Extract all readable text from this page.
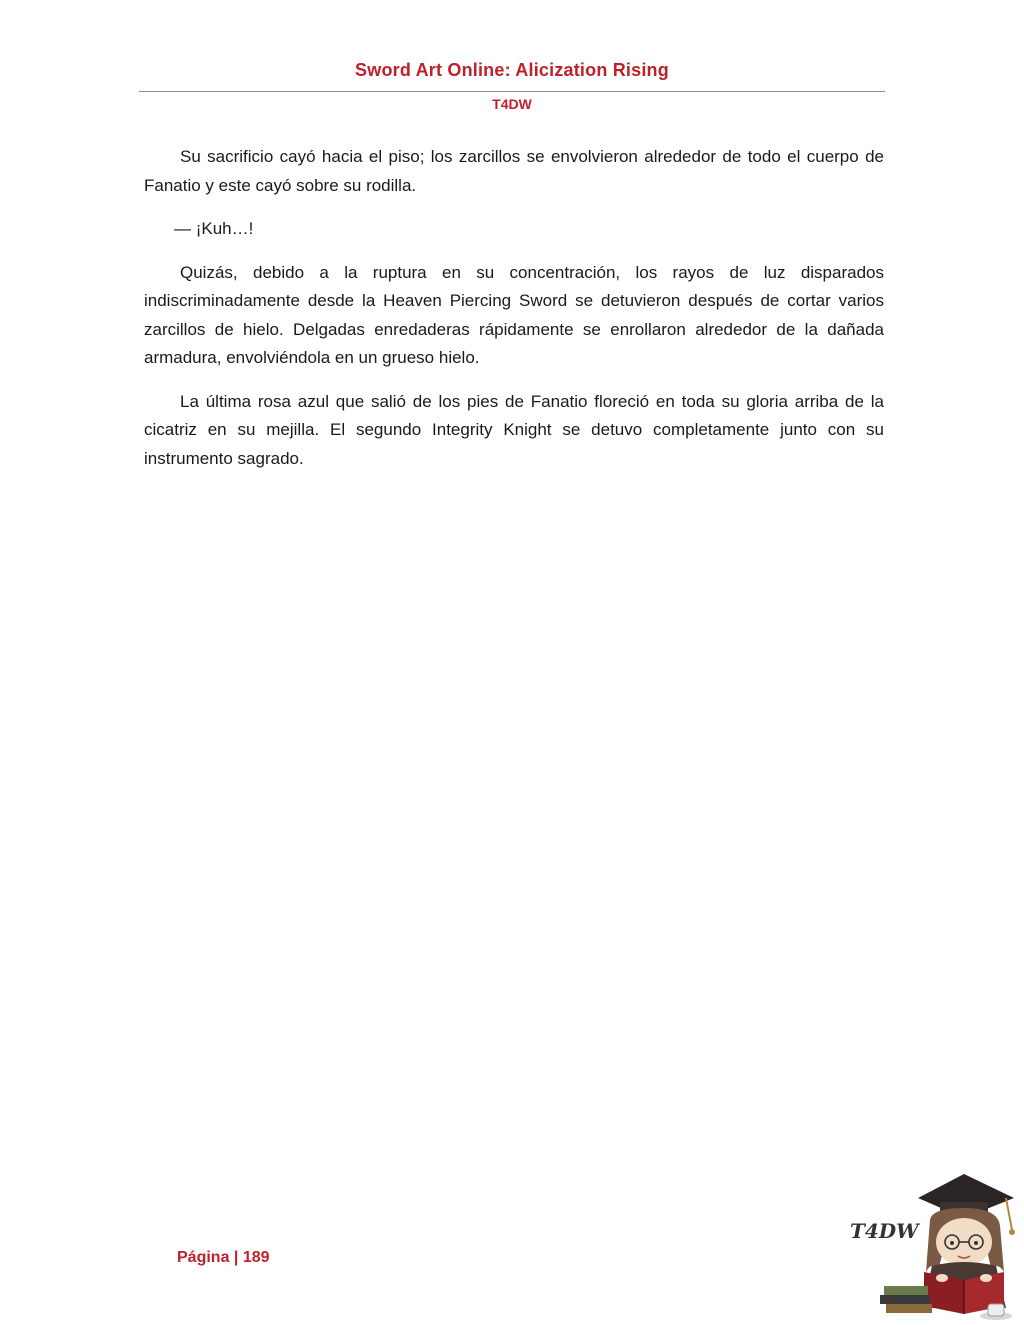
Sword Art Online: Alicization Rising
T4DW

Su sacrificio cayó hacia el piso; los zarcillos se envolvieron alrededor de todo el cuerpo de Fanatio y este cayó sobre su rodilla.

— ¡Kuh…!

Quizás, debido a la ruptura en su concentración, los rayos de luz disparados indiscriminadamente desde la Heaven Piercing Sword se detuvieron después de cortar varios zarcillos de hielo. Delgadas enredaderas rápidamente se enrollaron alrededor de la dañada armadura, envolviéndola en un grueso hielo.

La última rosa azul que salió de los pies de Fanatio floreció en toda su gloria arriba de la cicatriz en su mejilla. El segundo Integrity Knight se detuvo completamente junto con su instrumento sagrado.

Página | 189
T4DW
